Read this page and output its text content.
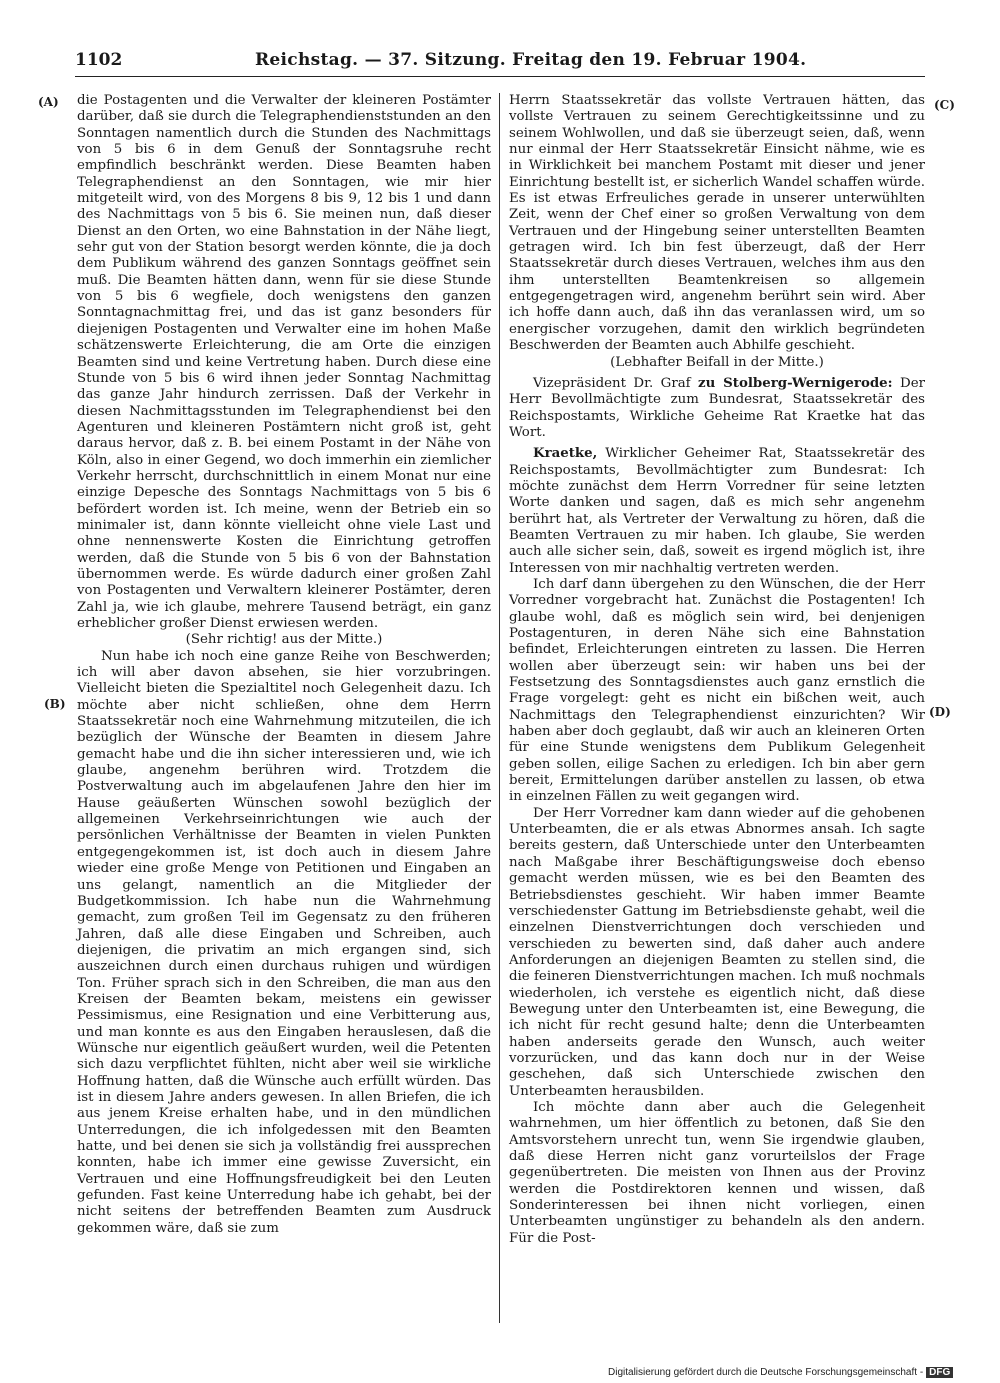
1102	Reichstag. — 37. Sitzung. Freitag den 19. Februar 1904.
(A)
(B)
(C)
(D)

die Postagenten und die Verwalter der kleineren Postämter darüber, daß sie durch die Telegraphendienststunden an den Sonntagen namentlich durch die Stunden des Nachmittags von 5 bis 6 in dem Genuß der Sonntagsruhe recht empfindlich beschränkt werden. Diese Beamten haben Telegraphendienst an den Sonntagen, wie mir hier mitgeteilt wird, von des Morgens 8 bis 9, 12 bis 1 und dann des Nachmittags von 5 bis 6. Sie meinen nun, daß dieser Dienst an den Orten, wo eine Bahnstation in der Nähe liegt, sehr gut von der Station besorgt werden könnte, die ja doch dem Publikum während des ganzen Sonntags geöffnet sein muß. Die Beamten hätten dann, wenn für sie diese Stunde von 5 bis 6 wegfiele, doch wenigstens den ganzen Sonntagnachmittag frei, und das ist ganz besonders für diejenigen Postagenten und Verwalter eine im hohen Maße schätzenswerte Erleichterung, die am Orte die einzigen Beamten sind und keine Vertretung haben. Durch diese eine Stunde von 5 bis 6 wird ihnen jeder Sonntag Nachmittag das ganze Jahr hindurch zerrissen. Daß der Verkehr in diesen Nachmittagsstunden im Telegraphendienst bei den Agenturen und kleineren Postämtern nicht groß ist, geht daraus hervor, daß z. B. bei einem Postamt in der Nähe von Köln, also in einer Gegend, wo doch immerhin ein ziemlicher Verkehr herrscht, durchschnittlich in einem Monat nur eine einzige Depesche des Sonntags Nachmittags von 5 bis 6 befördert worden ist. Ich meine, wenn der Betrieb ein so minimaler ist, dann könnte vielleicht ohne viele Last und ohne nennenswerte Kosten die Einrichtung getroffen werden, daß die Stunde von 5 bis 6 von der Bahnstation übernommen werde. Es würde dadurch einer großen Zahl von Postagenten und Verwaltern kleinerer Postämter, deren Zahl ja, wie ich glaube, mehrere Tausend beträgt, ein ganz erheblicher großer Dienst erwiesen werden.

(Sehr richtig! aus der Mitte.)

Nun habe ich noch eine ganze Reihe von Beschwerden; ich will aber davon absehen, sie hier vorzubringen. Vielleicht bieten die Spezialtitel noch Gelegenheit dazu. Ich möchte aber nicht schließen, ohne dem Herrn Staatssekretär noch eine Wahrnehmung mitzuteilen, die ich bezüglich der Wünsche der Beamten in diesem Jahre gemacht habe und die ihn sicher interessieren und, wie ich glaube, angenehm berühren wird. Trotzdem die Postverwaltung auch im abgelaufenen Jahre den hier im Hause geäußerten Wünschen sowohl bezüglich der allgemeinen Verkehrseinrichtungen wie auch der persönlichen Verhältnisse der Beamten in vielen Punkten entgegengekommen ist, ist doch auch in diesem Jahre wieder eine große Menge von Petitionen und Eingaben an uns gelangt, namentlich an die Mitglieder der Budgetkommission. Ich habe nun die Wahrnehmung gemacht, zum großen Teil im Gegensatz zu den früheren Jahren, daß alle diese Eingaben und Schreiben, auch diejenigen, die privatim an mich ergangen sind, sich auszeichnen durch einen durchaus ruhigen und würdigen Ton. Früher sprach sich in den Schreiben, die man aus den Kreisen der Beamten bekam, meistens ein gewisser Pessimismus, eine Resignation und eine Verbitterung aus, und man konnte es aus den Eingaben herauslesen, daß die Wünsche nur eigentlich geäußert wurden, weil die Petenten sich dazu verpflichtet fühlten, nicht aber weil sie wirkliche Hoffnung hatten, daß die Wünsche auch erfüllt würden. Das ist in diesem Jahre anders gewesen. In allen Briefen, die ich aus jenem Kreise erhalten habe, und in den mündlichen Unterredungen, die ich infolgedessen mit den Beamten hatte, und bei denen sie sich ja vollständig frei aussprechen konnten, habe ich immer eine gewisse Zuversicht, ein Vertrauen und eine Hoffnungsfreudigkeit bei den Leuten gefunden. Fast keine Unterredung habe ich gehabt, bei der nicht seitens der betreffenden Beamten zum Ausdruck gekommen wäre, daß sie zum

Herrn Staatssekretär das vollste Vertrauen hätten, das vollste Vertrauen zu seinem Gerechtigkeitssinne und zu seinem Wohlwollen, und daß sie überzeugt seien, daß, wenn nur einmal der Herr Staatssekretär Einsicht nähme, wie es in Wirklichkeit bei manchem Postamt mit dieser und jener Einrichtung bestellt ist, er sicherlich Wandel schaffen würde. Es ist etwas Erfreuliches gerade in unserer unterwühlten Zeit, wenn der Chef einer so großen Verwaltung von dem Vertrauen und der Hingebung seiner unterstellten Beamten getragen wird. Ich bin fest überzeugt, daß der Herr Staatssekretär durch dieses Vertrauen, welches ihm aus den ihm unterstellten Beamtenkreisen so allgemein entgegengetragen wird, angenehm berührt sein wird. Aber ich hoffe dann auch, daß ihn das veranlassen wird, um so energischer vorzugehen, damit den wirklich begründeten Beschwerden der Beamten auch Abhilfe geschieht.

(Lebhafter Beifall in der Mitte.)

Vizepräsident Dr. Graf zu Stolberg-Wernigerode: Der Herr Bevollmächtigte zum Bundesrat, Staatssekretär des Reichspostamts, Wirkliche Geheime Rat Kraetke hat das Wort.

Kraetke, Wirklicher Geheimer Rat, Staatssekretär des Reichspostamts, Bevollmächtigter zum Bundesrat: Ich möchte zunächst dem Herrn Vorredner für seine letzten Worte danken und sagen, daß es mich sehr angenehm berührt hat, als Vertreter der Verwaltung zu hören, daß die Beamten Vertrauen zu mir haben. Ich glaube, Sie werden auch alle sicher sein, daß, soweit es irgend möglich ist, ihre Interessen von mir nachhaltig vertreten werden.

Ich darf dann übergehen zu den Wünschen, die der Herr Vorredner vorgebracht hat. Zunächst die Postagenten! Ich glaube wohl, daß es möglich sein wird, bei denjenigen Postagenturen, in deren Nähe sich eine Bahnstation befindet, Erleichterungen eintreten zu lassen. Die Herren wollen aber überzeugt sein: wir haben uns bei der Festsetzung des Sonntagsdienstes auch ganz ernstlich die Frage vorgelegt: geht es nicht ein bißchen weit, auch Nachmittags den Telegraphendienst einzurichten? Wir haben aber doch geglaubt, daß wir auch an kleineren Orten für eine Stunde wenigstens dem Publikum Gelegenheit geben sollen, eilige Sachen zu erledigen. Ich bin aber gern bereit, Ermittelungen darüber anstellen zu lassen, ob etwa in einzelnen Fällen zu weit gegangen wird.

Der Herr Vorredner kam dann wieder auf die gehobenen Unterbeamten, die er als etwas Abnormes ansah. Ich sagte bereits gestern, daß Unterschiede unter den Unterbeamten nach Maßgabe ihrer Beschäftigungsweise doch ebenso gemacht werden müssen, wie es bei den Beamten des Betriebsdienstes geschieht. Wir haben immer Beamte verschiedenster Gattung im Betriebsdienste gehabt, weil die einzelnen Dienstverrichtungen doch verschieden und verschieden zu bewerten sind, daß daher auch andere Anforderungen an diejenigen Beamten zu stellen sind, die die feineren Dienstverrichtungen machen. Ich muß nochmals wiederholen, ich verstehe es eigentlich nicht, daß diese Bewegung unter den Unterbeamten ist, eine Bewegung, die ich nicht für recht gesund halte; denn die Unterbeamten haben anderseits gerade den Wunsch, auch weiter vorzurücken, und das kann doch nur in der Weise geschehen, daß sich Unterschiede zwischen den Unterbeamten herausbilden.

Ich möchte dann aber auch die Gelegenheit wahrnehmen, um hier öffentlich zu betonen, daß Sie den Amtsvorstehern unrecht tun, wenn Sie irgendwie glauben, daß diese Herren nicht ganz vorurteilslos der Frage gegenübertreten. Die meisten von Ihnen aus der Provinz werden die Postdirektoren kennen und wissen, daß Sonderinteressen bei ihnen nicht vorliegen, einen Unterbeamten ungünstiger zu behandeln als den andern. Für die Post-

Digitalisierung gefördert durch die Deutsche Forschungsgemeinschaft - DFG
